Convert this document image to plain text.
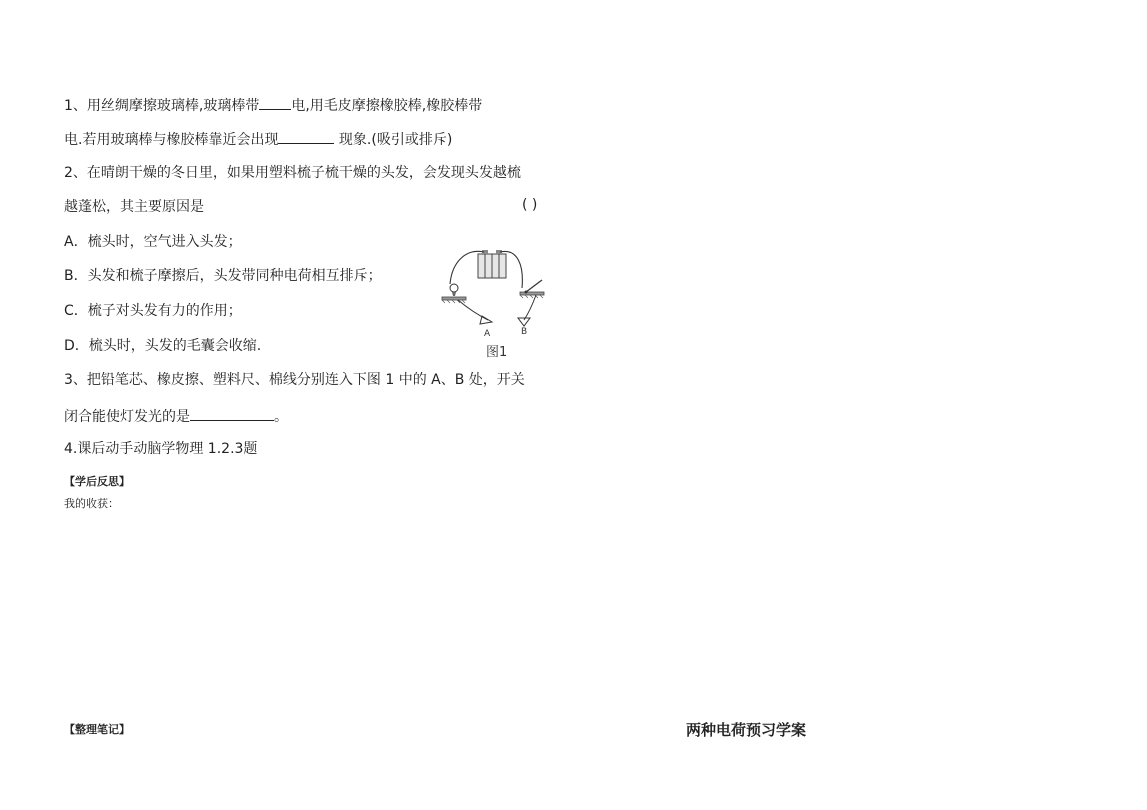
1、用丝绸摩擦玻璃棒,玻璃棒带 电,用毛皮摩擦橡胶棒,橡胶棒带
电.若用玻璃棒与橡胶棒靠近会出现	现象.(吸引或排斥)
2、在晴朗干燥的冬日里，如果用塑料梳子梳干燥的头发，会发现头发越梳
越蓬松，其主要原因是	( )
A．梳头时，空气进入头发；
B．头发和梳子摩擦后，头发带同种电荷相互排斥；
C．梳子对头发有力的作用；
D．梳头时，头发的毛囊会收缩.
A	B
图1
3、把铅笔芯、橡皮擦、塑料尺、棉线分别连入下图 1 中的 A、B 处，开关
闭合能使灯发光的是	。
4.课后动手动脑学物理 1.2.3题
【学后反思】
我的收获：
【整理笔记】	两种电荷预习学案
